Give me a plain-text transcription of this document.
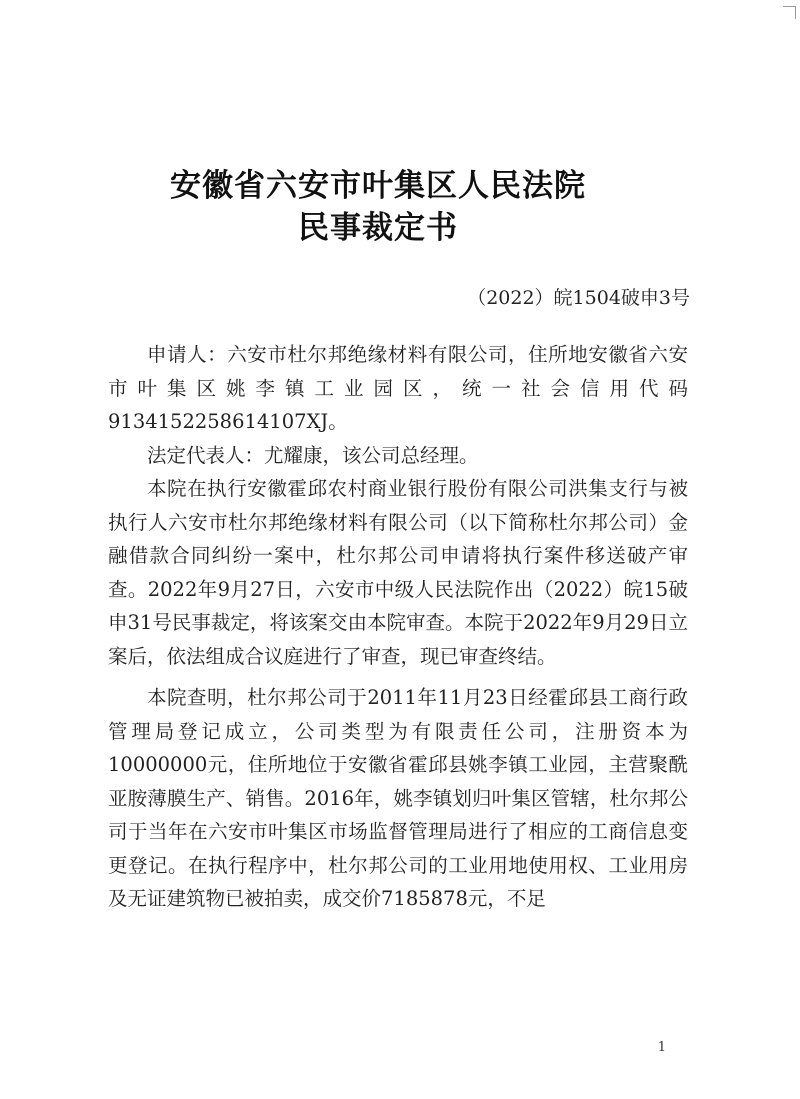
安徽省六安市叶集区人民法院
民事裁定书
（2022）皖1504破申3号

申请人：六安市杜尔邦绝缘材料有限公司，住所地安徽省六安市叶集区姚李镇工业园区，统一社会信用代码9134152258614107XJ。

法定代表人：尤耀康，该公司总经理。

本院在执行安徽霍邱农村商业银行股份有限公司洪集支行与被执行人六安市杜尔邦绝缘材料有限公司（以下简称杜尔邦公司）金融借款合同纠纷一案中，杜尔邦公司申请将执行案件移送破产审查。2022年9月27日，六安市中级人民法院作出（2022）皖15破申31号民事裁定，将该案交由本院审查。本院于2022年9月29日立案后，依法组成合议庭进行了审查，现已审查终结。

本院查明，杜尔邦公司于2011年11月23日经霍邱县工商行政管理局登记成立，公司类型为有限责任公司，注册资本为10000000元，住所地位于安徽省霍邱县姚李镇工业园，主营聚酰亚胺薄膜生产、销售。2016年，姚李镇划归叶集区管辖，杜尔邦公司于当年在六安市叶集区市场监督管理局进行了相应的工商信息变更登记。在执行程序中，杜尔邦公司的工业用地使用权、工业用房及无证建筑物已被拍卖，成交价7185878元，不足

1
